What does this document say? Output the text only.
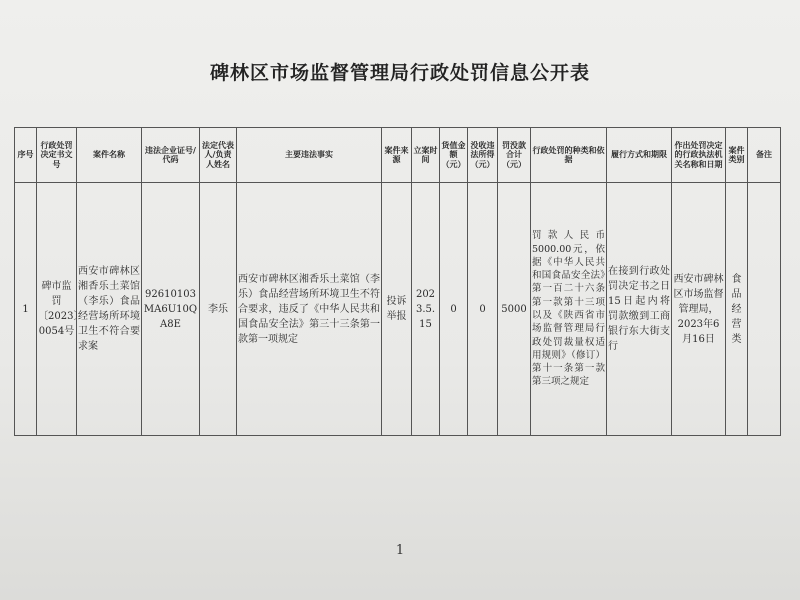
碑林区市场监督管理局行政处罚信息公开表
序号	行政处罚决定书文号	案件名称	违法企业证号/代码	法定代表人/负责人姓名	主要违法事实	案件来源	立案时间	货值金额（元）	没收违法所得（元）	罚没款合计（元）	行政处罚的种类和依据	履行方式和期限	作出处罚决定的行政执法机关名称和日期	案件类别	备注
1	碑市监罚〔2023〕0054号	西安市碑林区湘香乐土菜馆（李乐）食品经营场所环境卫生不符合要求案	92610103MA6U10QA8E	李乐	西安市碑林区湘香乐土菜馆（李乐）食品经营场所环境卫生不符合要求，违反了《中华人民共和国食品安全法》第三十三条第一款第一项规定	投诉举报	2023.5.15	0	0	5000	罚款人民币5000.00元，依据《中华人民共和国食品安全法》第一百二十六条第一款第十三项以及《陕西省市场监督管理局行政处罚裁量权适用规则》（修订）第十一条第一款第三项之规定	在接到行政处罚决定书之日15日起内将罚款缴到工商银行东大街支行	西安市碑林区市场监督管理局，2023年6月16日	食品经营类	
1
